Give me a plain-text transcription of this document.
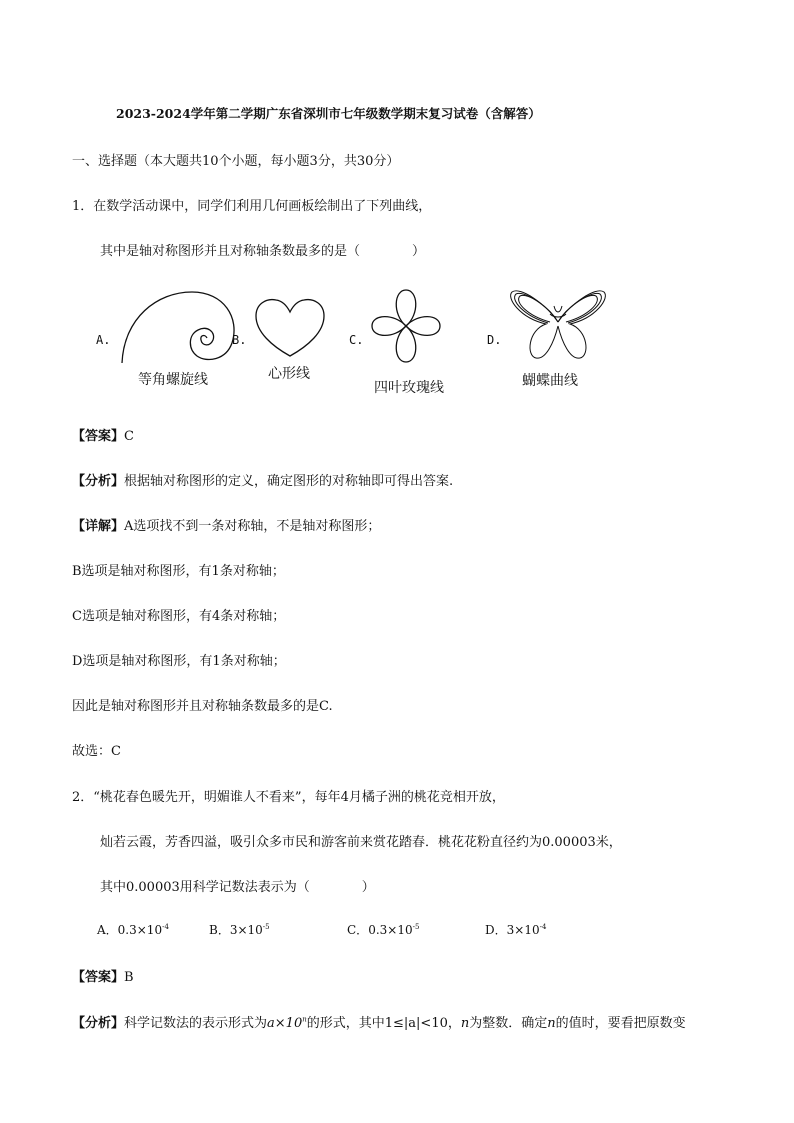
2023-2024学年第二学期广东省深圳市七年级数学期末复习试卷（含解答）
一、选择题（本大题共10个小题，每小题3分，共30分）
1．在数学活动课中，同学们利用几何画板绘制出了下列曲线，
其中是轴对称图形并且对称轴条数最多的是（　　　　）
A.	B.	C.	D.
等角螺旋线	心形线
四叶玫瑰线	蝴蝶曲线
【答案】C
【分析】根据轴对称图形的定义，确定图形的对称轴即可得出答案.
【详解】A选项找不到一条对称轴，不是轴对称图形；
B选项是轴对称图形，有1条对称轴；
C选项是轴对称图形，有4条对称轴；
D选项是轴对称图形，有1条对称轴；
因此是轴对称图形并且对称轴条数最多的是C.
故选：C
2．“桃花春色暖先开，明媚谁人不看来”，每年4月橘子洲的桃花竞相开放，
灿若云霞，芳香四溢，吸引众多市民和游客前来赏花踏春．桃花花粉直径约为0.00003米，
其中0.00003用科学记数法表示为（　　　　）
A．$0.3\times 10^{-4}$	B．$3\times 10^{-5}$	C．$0.3\times 10^{-5}$	D．$3\times 10^{-4}$
【答案】B
【分析】科学记数法的表示形式为$a\times 10^n$的形式，其中1≤|a|<10，n为整数．确定n的值时，要看把原数变
